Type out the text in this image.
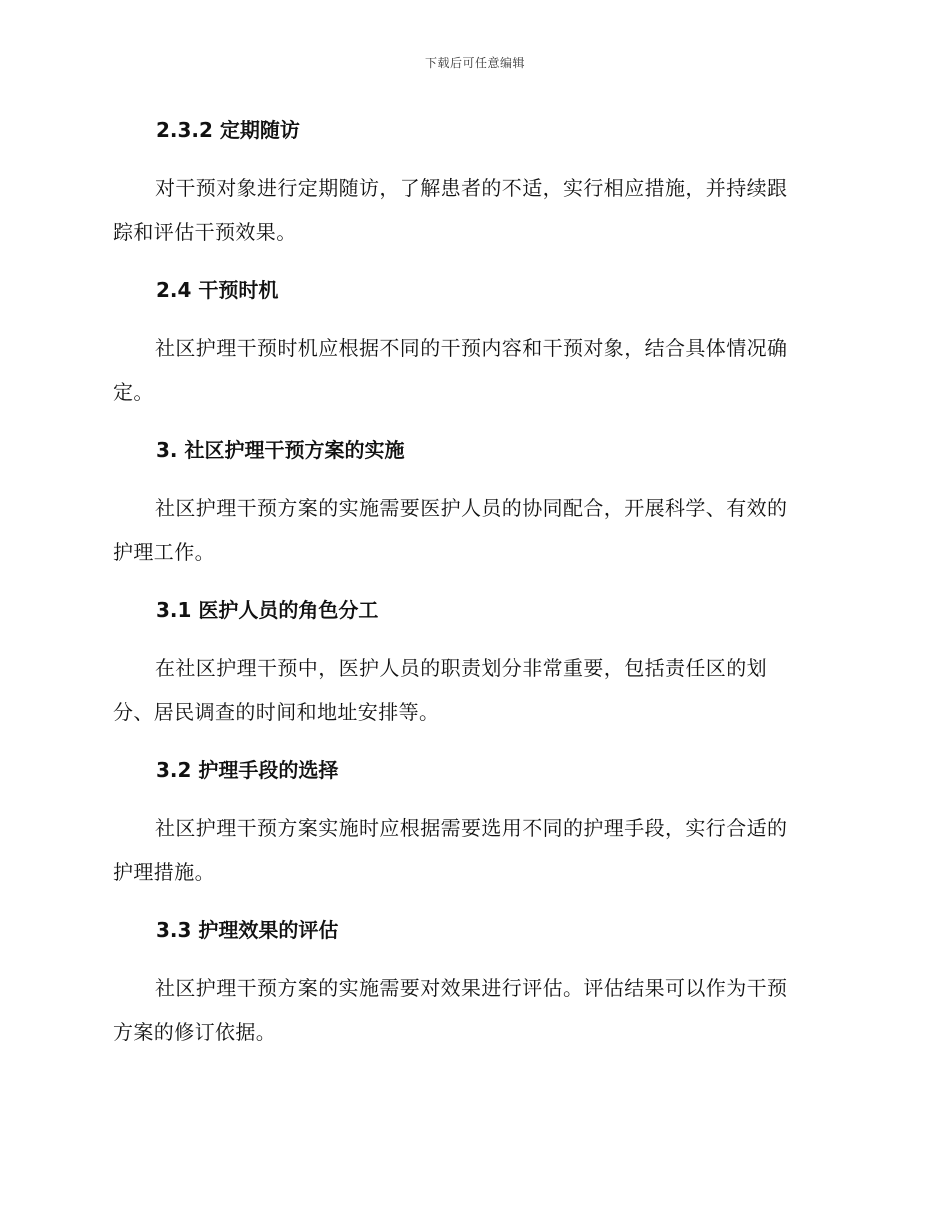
下载后可任意编辑
2.3.2 定期随访
对干预对象进行定期随访，了解患者的不适，实行相应措施，并持续跟
踪和评估干预效果。
2.4 干预时机
社区护理干预时机应根据不同的干预内容和干预对象，结合具体情况确
定。
3. 社区护理干预方案的实施
社区护理干预方案的实施需要医护人员的协同配合，开展科学、有效的
护理工作。
3.1 医护人员的角色分工
在社区护理干预中，医护人员的职责划分非常重要，包括责任区的划
分、居民调查的时间和地址安排等。
3.2 护理手段的选择
社区护理干预方案实施时应根据需要选用不同的护理手段，实行合适的
护理措施。
3.3 护理效果的评估
社区护理干预方案的实施需要对效果进行评估。评估结果可以作为干预
方案的修订依据。
